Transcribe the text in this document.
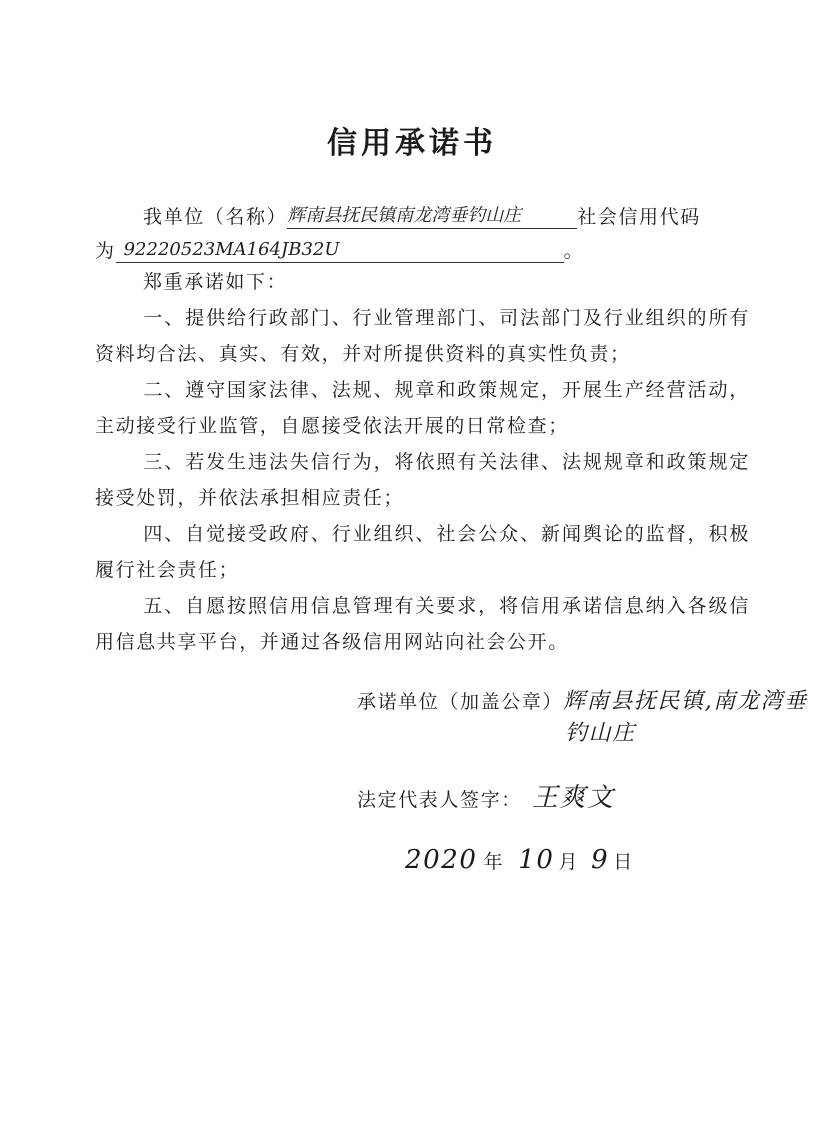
信用承诺书
我单位（名称）辉南县抚民镇南龙湾垂钓山庄	社会信用代码
为 92220523MA164JB32U	。
郑重承诺如下：
一、提供给行政部门、行业管理部门、司法部门及行业组织的所有资料均合法、真实、有效，并对所提供资料的真实性负责；
二、遵守国家法律、法规、规章和政策规定，开展生产经营活动，主动接受行业监管，自愿接受依法开展的日常检查；
三、若发生违法失信行为，将依照有关法律、法规规章和政策规定接受处罚，并依法承担相应责任；
四、自觉接受政府、行业组织、社会公众、新闻舆论的监督，积极履行社会责任；
五、自愿按照信用信息管理有关要求，将信用承诺信息纳入各级信用信息共享平台，并通过各级信用网站向社会公开。
承诺单位（加盖公章）辉南县抚民镇,南龙湾垂
钓山庄
法定代表人签字： 王爽文
2020 年 10 月 9 日
